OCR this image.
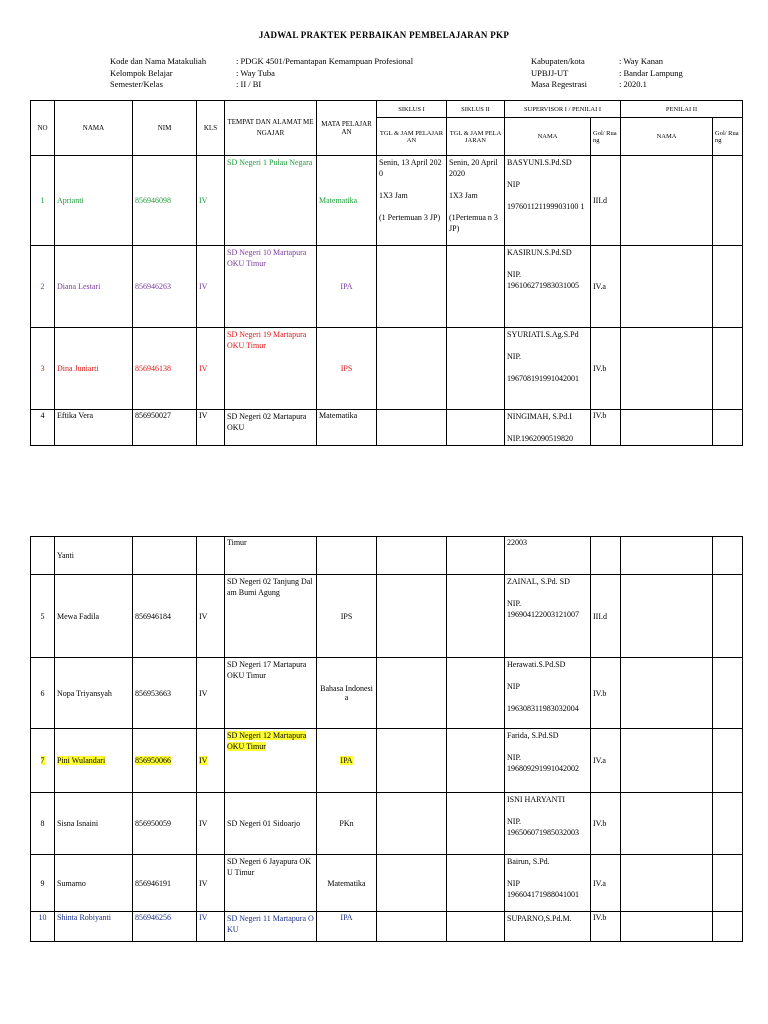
JADWAL PRAKTEK PERBAIKAN PEMBELAJARAN PKP
Kode dan Nama Matakuliah	: PDGK 4501/Pemantapan Kemampuan Profesional
Kelompok Belajar	: Way Tuba
Semester/Kelas	: II / BI
Kabupaten/kota	: Way Kanan
UPBJJ-UT	: Bandar Lampung
Masa Regestrasi	: 2020.1
NO	NAMA	NIM	KLS	TEMPAT DAN ALAMAT MENGAJAR	MATA PELAJARAN	SIKLUS I	SIKLUS II	SUPERVISOR I / PENILAI I		PENILAI II	
						TGL & JAM PELAJARAN	TGL & JAM PELAJARAN	NAMA	Gol/ Ruang	NAMA	Gol/ Ruang
1	Aprianti	856946098	IV	SD Negeri 1 Pulau Negara	Matematika	Senin, 13 April 2020

1X3 Jam

(1 Pertemuan 3 JP)	Senin, 20 April 2020

1X3 Jam

(1Pertemua n 3 JP)	BASYUNI.S.Pd.SD

NIP

197601121199903100 1	III.d		
2	Diana Lestari	856946263	IV	SD Negeri 10 Martapura OKU Timur	IPA			KASIRUN.S.Pd.SD

NIP.
196106271983031005	IV.a		
3	Dina Juniarti	856946138	IV	SD Negeri 19 Martapura OKU Timur	IPS			SYURIATI.S.Ag.S.Pd

NIP.

196708191991042001	IV.b		
4	Eftika Vera	856950027	IV	SD Negeri 02 Martapura OKU	Matematika			NINGIMAH, S.Pd.I

NIP.1962090519820	IV.b		
	Yanti			Timur				22003			
5	Mewa Fadila	856946184	IV	SD Negeri 02 Tanjung Dalam Bumi Agung	IPS			ZAINAL, S.Pd. SD

NIP.
196904122003121007	III.d		
6	Nopa Triyansyah	856953663	IV	SD Negeri 17 Martapura OKU Timur	Bahasa Indonesia			Herawati.S.Pd.SD

NIP

196308311983032004	IV.b		
7	Pini Wulandari	856950066	IV	SD Negeri 12 Martapura OKU Timur	IPA			Farida, S.Pd.SD

NIP.
196809291991042002	IV.a		
8	Sisna Isnaini	856950059	IV	SD Negeri 01 Sidoarjo	PKn			ISNI HARYANTI

NIP.
196506071985032003	IV.b		
9	Sumarno	856946191	IV	SD Negeri 6 Jayapura OKU Timur	Matematika			Bairun, S.Pd.

NIP
196604171988041001	IV.a		
10	Shinta Robiyanti	856946256	IV	SD Negeri 11 Martapura OKU	IPA			SUPARNO,S.Pd.M.	IV.b		
